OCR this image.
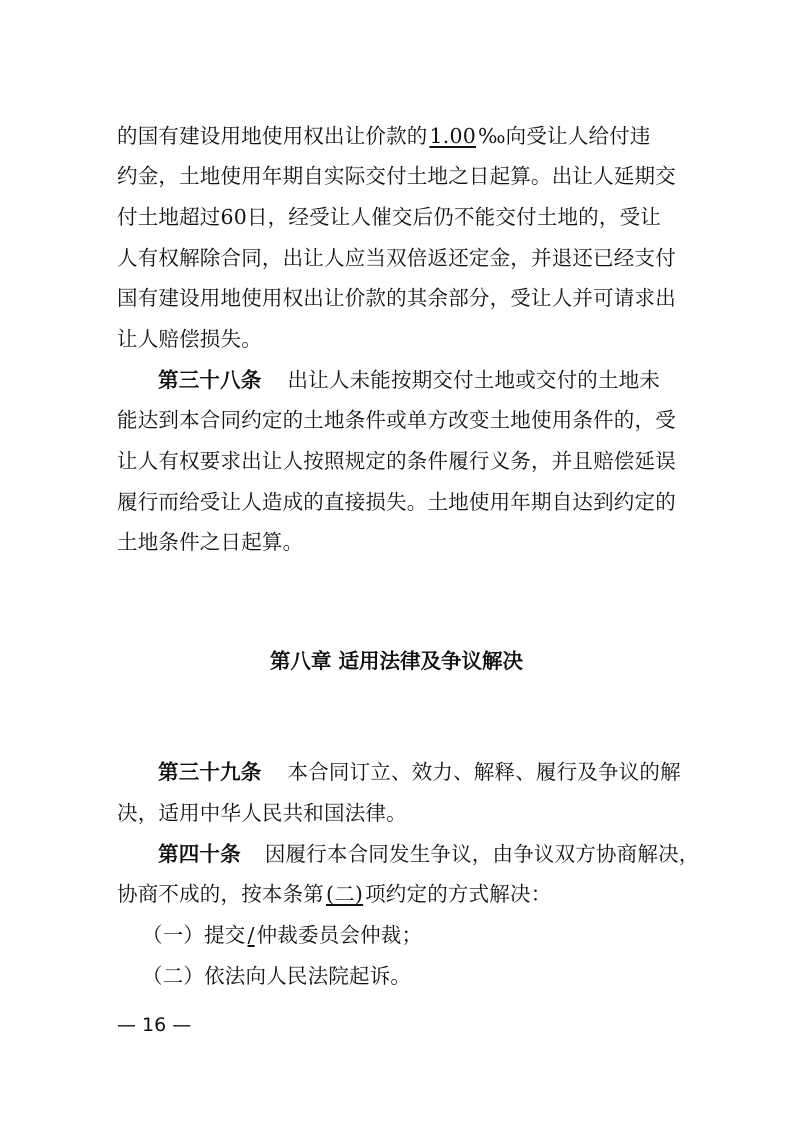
的国有建设用地使用权出让价款的1.00‰向受让人给付违
约金，土地使用年期自实际交付土地之日起算。出让人延期交
付土地超过60日，经受让人催交后仍不能交付土地的，受让
人有权解除合同，出让人应当双倍返还定金，并退还已经支付
国有建设用地使用权出让价款的其余部分，受让人并可请求出
让人赔偿损失。
第三十八条 出让人未能按期交付土地或交付的土地未
能达到本合同约定的土地条件或单方改变土地使用条件的，受
让人有权要求出让人按照规定的条件履行义务，并且赔偿延误
履行而给受让人造成的直接损失。土地使用年期自达到约定的
土地条件之日起算。
第八章 适用法律及争议解决
第三十九条 本合同订立、效力、解释、履行及争议的解
决，适用中华人民共和国法律。
第四十条 因履行本合同发生争议，由争议双方协商解决，
协商不成的，按本条第(二)项约定的方式解决：
（一）提交/仲裁委员会仲裁；
（二）依法向人民法院起诉。
— 16 —
